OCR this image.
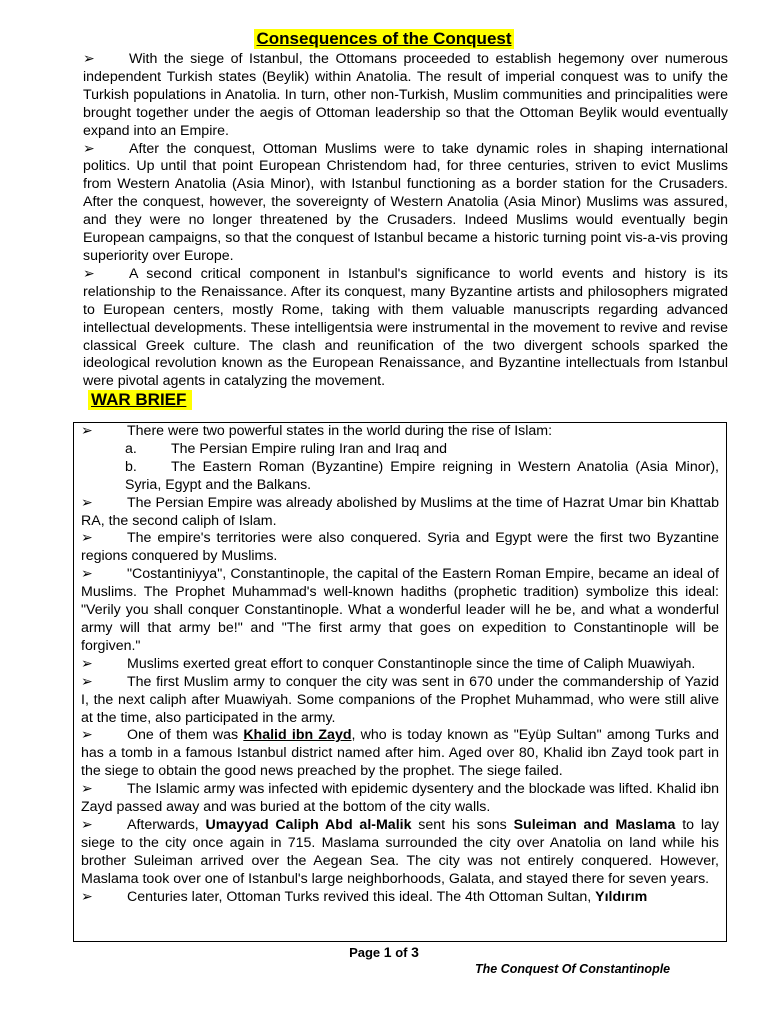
Consequences of the Conquest

➢ With the siege of Istanbul, the Ottomans proceeded to establish hegemony over numerous independent Turkish states (Beylik) within Anatolia. The result of imperial conquest was to unify the Turkish populations in Anatolia. In turn, other non-Turkish, Muslim communities and principalities were brought together under the aegis of Ottoman leadership so that the Ottoman Beylik would eventually expand into an Empire.

➢ After the conquest, Ottoman Muslims were to take dynamic roles in shaping international politics. Up until that point European Christendom had, for three centuries, striven to evict Muslims from Western Anatolia (Asia Minor), with Istanbul functioning as a border station for the Crusaders. After the conquest, however, the sovereignty of Western Anatolia (Asia Minor) Muslims was assured, and they were no longer threatened by the Crusaders. Indeed Muslims would eventually begin European campaigns, so that the conquest of Istanbul became a historic turning point vis-a-vis proving superiority over Europe.

➢ A second critical component in Istanbul's significance to world events and history is its relationship to the Renaissance. After its conquest, many Byzantine artists and philosophers migrated to European centers, mostly Rome, taking with them valuable manuscripts regarding advanced intellectual developments. These intelligentsia were instrumental in the movement to revive and revise classical Greek culture. The clash and reunification of the two divergent schools sparked the ideological revolution known as the European Renaissance, and Byzantine intellectuals from Istanbul were pivotal agents in catalyzing the movement.

WAR BRIEF

➢ There were two powerful states in the world during the rise of Islam:

a. The Persian Empire ruling Iran and Iraq and

b. The Eastern Roman (Byzantine) Empire reigning in Western Anatolia (Asia Minor), Syria, Egypt and the Balkans.

➢ The Persian Empire was already abolished by Muslims at the time of Hazrat Umar bin Khattab RA, the second caliph of Islam.

➢ The empire's territories were also conquered. Syria and Egypt were the first two Byzantine regions conquered by Muslims.

➢ "Costantiniyya", Constantinople, the capital of the Eastern Roman Empire, became an ideal of Muslims. The Prophet Muhammad's well-known hadiths (prophetic tradition) symbolize this ideal: "Verily you shall conquer Constantinople. What a wonderful leader will he be, and what a wonderful army will that army be!" and "The first army that goes on expedition to Constantinople will be forgiven."

➢ Muslims exerted great effort to conquer Constantinople since the time of Caliph Muawiyah.

➢ The first Muslim army to conquer the city was sent in 670 under the commandership of Yazid I, the next caliph after Muawiyah. Some companions of the Prophet Muhammad, who were still alive at the time, also participated in the army.

➢ One of them was Khalid ibn Zayd, who is today known as "Eyüp Sultan" among Turks and has a tomb in a famous Istanbul district named after him. Aged over 80, Khalid ibn Zayd took part in the siege to obtain the good news preached by the prophet. The siege failed.

➢ The Islamic army was infected with epidemic dysentery and the blockade was lifted. Khalid ibn Zayd passed away and was buried at the bottom of the city walls.

➢ Afterwards, Umayyad Caliph Abd al-Malik sent his sons Suleiman and Maslama to lay siege to the city once again in 715. Maslama surrounded the city over Anatolia on land while his brother Suleiman arrived over the Aegean Sea. The city was not entirely conquered. However, Maslama took over one of Istanbul's large neighborhoods, Galata, and stayed there for seven years.

➢ Centuries later, Ottoman Turks revived this ideal. The 4th Ottoman Sultan, Yıldırım

Page 1 of 3
The Conquest Of Constantinople
